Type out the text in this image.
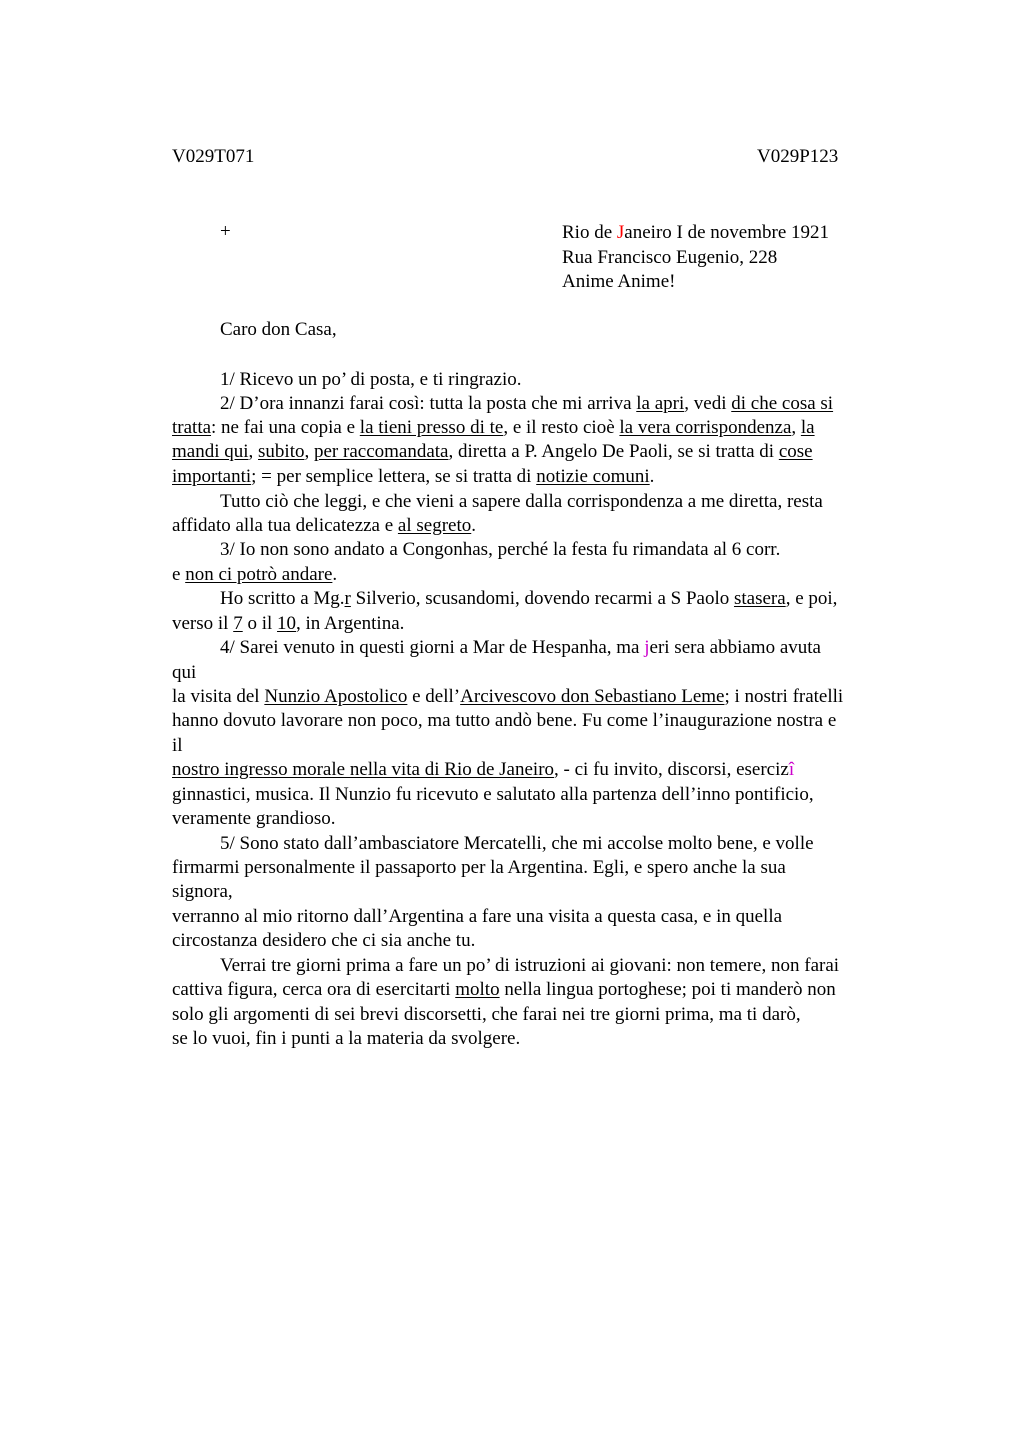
V029T071	V029P123
+	Rio de Janeiro I de novembre 1921
Rua Francisco Eugenio, 228
Anime Anime!
Caro don Casa,
1/ Ricevo un po’ di posta, e ti ringrazio.
2/ D’ora innanzi farai così: tutta la posta che mi arriva la apri, vedi di che cosa si
tratta: ne fai una copia e la tieni presso di te, e il resto cioè la vera corrispondenza, la
mandi qui, subito, per raccomandata, diretta a P. Angelo De Paoli, se si tratta di cose
importanti; = per semplice lettera, se si tratta di notizie comuni.
Tutto ciò che leggi, e che vieni a sapere dalla corrispondenza a me diretta, resta
affidato alla tua delicatezza e al segreto.
3/ Io non sono andato a Congonhas, perché la festa fu rimandata al 6 corr.
e non ci potrò andare.
Ho scritto a Mg.r Silverio, scusandomi, dovendo recarmi a S Paolo stasera, e poi,
verso il 7 o il 10, in Argentina.
4/ Sarei venuto in questi giorni a Mar de Hespanha, ma jeri sera abbiamo avuta
qui
la visita del Nunzio Apostolico e dell’Arcivescovo don Sebastiano Leme; i nostri fratelli
hanno dovuto lavorare non poco, ma tutto andò bene. Fu come l’inaugurazione nostra e
il
nostro ingresso morale nella vita di Rio de Janeiro, - ci fu invito, discorsi, esercizî
ginnastici, musica. Il Nunzio fu ricevuto e salutato alla partenza dell’inno pontificio,
veramente grandioso.
5/ Sono stato dall’ambasciatore Mercatelli, che mi accolse molto bene, e volle
firmarmi personalmente il passaporto per la Argentina. Egli, e spero anche la sua
signora,
verranno al mio ritorno dall’Argentina a fare una visita a questa casa, e in quella
circostanza desidero che ci sia anche tu.
Verrai tre giorni prima a fare un po’ di istruzioni ai giovani: non temere, non farai
cattiva figura, cerca ora di esercitarti molto nella lingua portoghese; poi ti manderò non
solo gli argomenti di sei brevi discorsetti, che farai nei tre giorni prima, ma ti darò,
se lo vuoi, fin i punti a la materia da svolgere.
